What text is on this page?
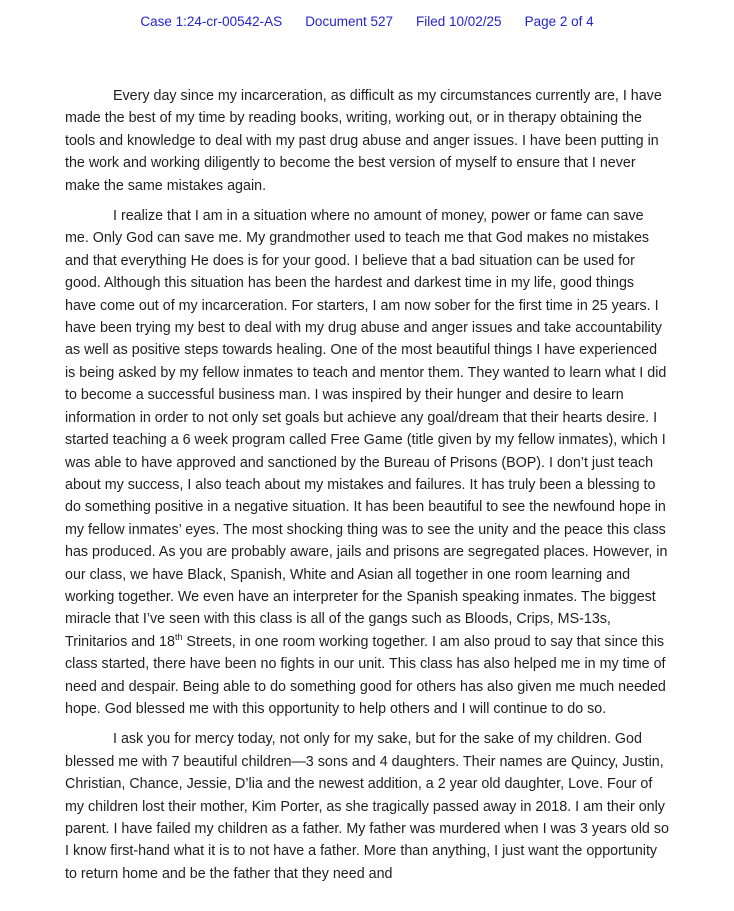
Case 1:24-cr-00542-AS Document 527 Filed 10/02/25 Page 2 of 4

Every day since my incarceration, as difficult as my circumstances currently are, I have made the best of my time by reading books, writing, working out, or in therapy obtaining the tools and knowledge to deal with my past drug abuse and anger issues. I have been putting in the work and working diligently to become the best version of myself to ensure that I never make the same mistakes again.

I realize that I am in a situation where no amount of money, power or fame can save me. Only God can save me. My grandmother used to teach me that God makes no mistakes and that everything He does is for your good. I believe that a bad situation can be used for good. Although this situation has been the hardest and darkest time in my life, good things have come out of my incarceration. For starters, I am now sober for the first time in 25 years. I have been trying my best to deal with my drug abuse and anger issues and take accountability as well as positive steps towards healing. One of the most beautiful things I have experienced is being asked by my fellow inmates to teach and mentor them. They wanted to learn what I did to become a successful business man. I was inspired by their hunger and desire to learn information in order to not only set goals but achieve any goal/dream that their hearts desire. I started teaching a 6 week program called Free Game (title given by my fellow inmates), which I was able to have approved and sanctioned by the Bureau of Prisons (BOP). I don’t just teach about my success, I also teach about my mistakes and failures. It has truly been a blessing to do something positive in a negative situation. It has been beautiful to see the newfound hope in my fellow inmates’ eyes. The most shocking thing was to see the unity and the peace this class has produced. As you are probably aware, jails and prisons are segregated places. However, in our class, we have Black, Spanish, White and Asian all together in one room learning and working together. We even have an interpreter for the Spanish speaking inmates. The biggest miracle that I’ve seen with this class is all of the gangs such as Bloods, Crips, MS-13s, Trinitarios and 18th Streets, in one room working together. I am also proud to say that since this class started, there have been no fights in our unit. This class has also helped me in my time of need and despair. Being able to do something good for others has also given me much needed hope. God blessed me with this opportunity to help others and I will continue to do so.

I ask you for mercy today, not only for my sake, but for the sake of my children. God blessed me with 7 beautiful children—3 sons and 4 daughters. Their names are Quincy, Justin, Christian, Chance, Jessie, D’lia and the newest addition, a 2 year old daughter, Love. Four of my children lost their mother, Kim Porter, as she tragically passed away in 2018. I am their only parent. I have failed my children as a father. My father was murdered when I was 3 years old so I know first-hand what it is to not have a father. More than anything, I just want the opportunity to return home and be the father that they need and
